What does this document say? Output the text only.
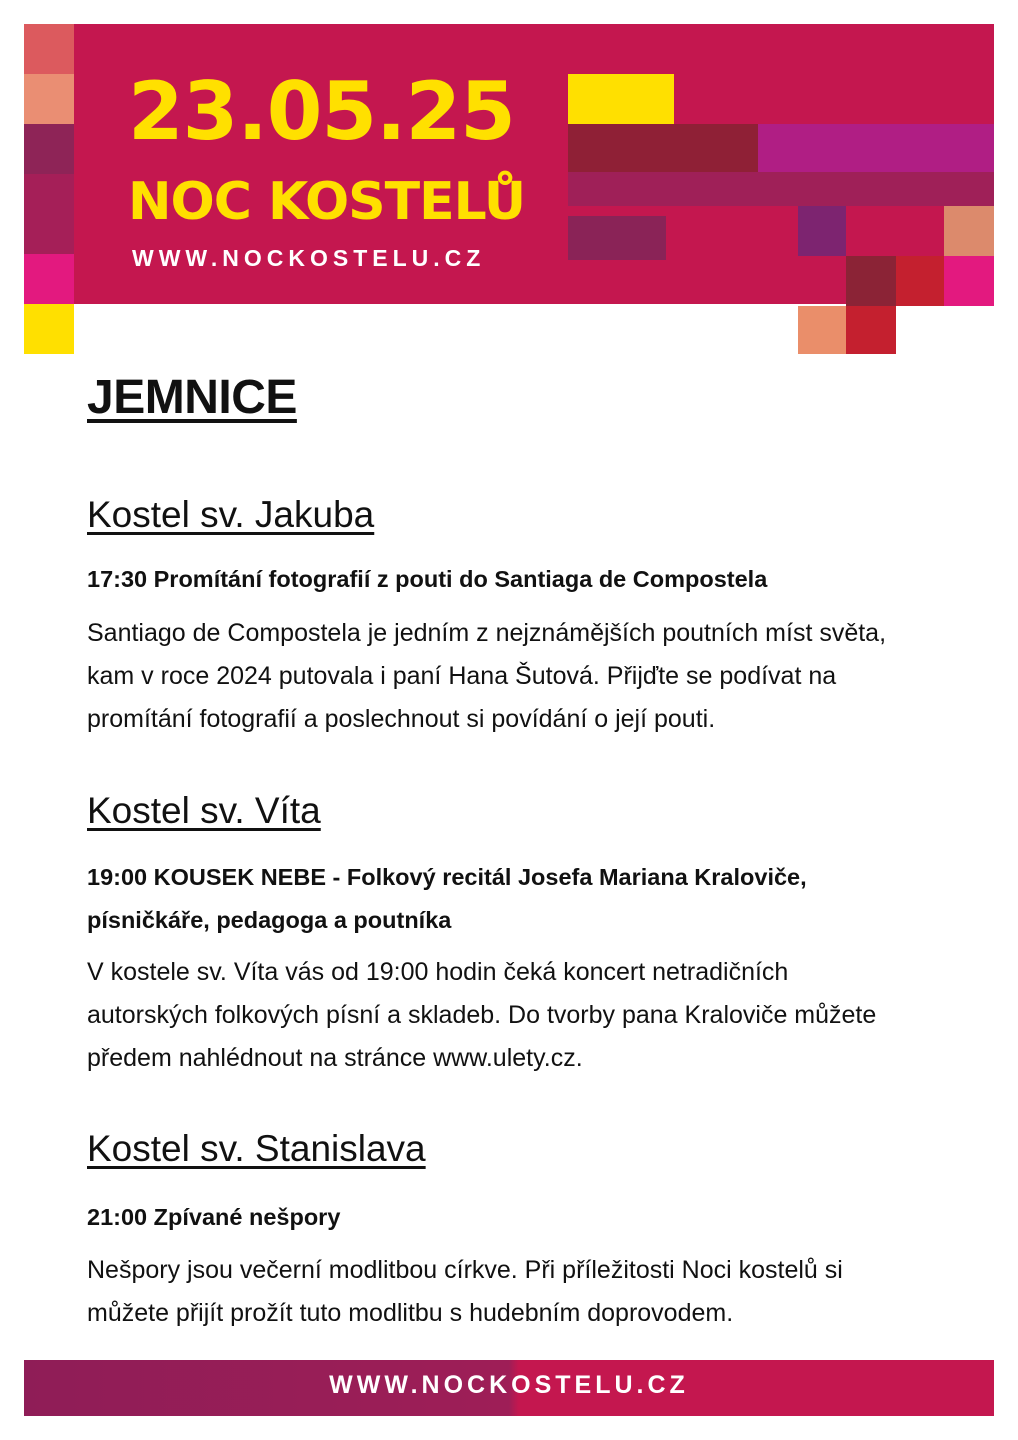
23.05.25
NOC KOSTELŮ
WWW.NOCKOSTELU.CZ
JEMNICE
Kostel sv. Jakuba

17:30 Promítání fotografií z pouti do Santiaga de Compostela

Santiago de Compostela je jedním z nejznámějších poutních míst světa,
kam v roce 2024 putovala i paní Hana Šutová. Přijďte se podívat na
promítání fotografií a poslechnout si povídání o její pouti.

Kostel sv. Víta

19:00 KOUSEK NEBE - Folkový recitál Josefa Mariana Kraloviče,
písničkáře, pedagoga a poutníka

V kostele sv. Víta vás od 19:00 hodin čeká koncert netradičních
autorských folkových písní a skladeb. Do tvorby pana Kraloviče můžete
předem nahlédnout na stránce www.ulety.cz.

Kostel sv. Stanislava

21:00 Zpívané nešpory

Nešpory jsou večerní modlitbou církve. Při příležitosti Noci kostelů si
můžete přijít prožít tuto modlitbu s hudebním doprovodem.

WWW.NOCKOSTELU.CZ
